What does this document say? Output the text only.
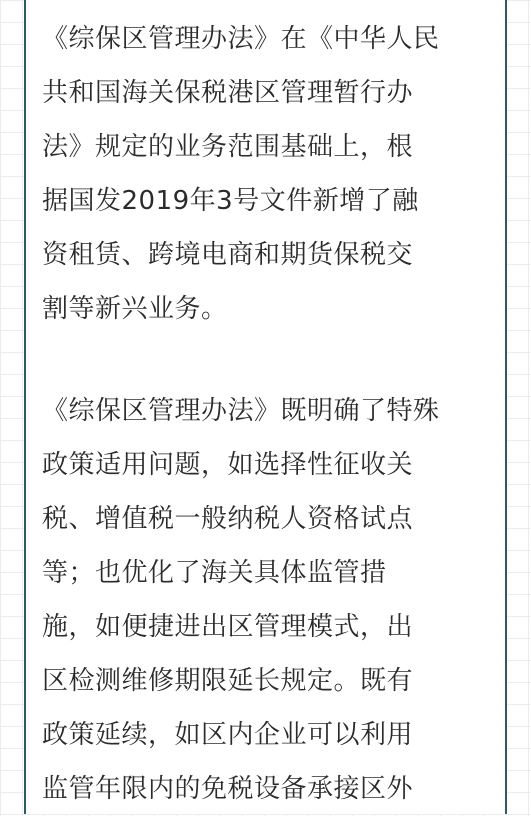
《综保区管理办法》在《中华人民
共和国海关保税港区管理暂行办
法》规定的业务范围基础上，根
据国发2019年3号文件新增了融
资租赁、跨境电商和期货保税交
割等新兴业务。
《综保区管理办法》既明确了特殊
政策适用问题，如选择性征收关
税、增值税一般纳税人资格试点
等；也优化了海关具体监管措
施，如便捷进出区管理模式，出
区检测维修期限延长规定。既有
政策延续，如区内企业可以利用
监管年限内的免税设备承接区外
